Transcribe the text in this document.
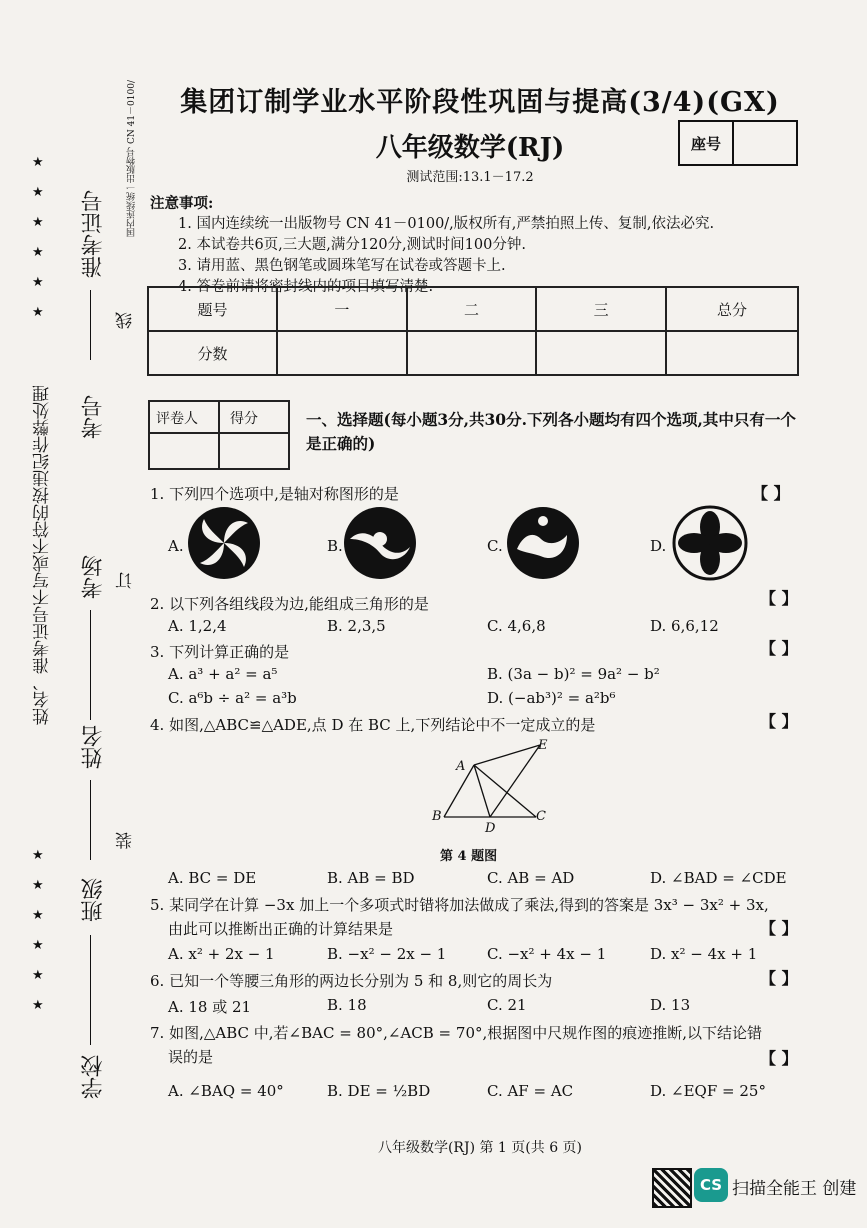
姓名、准考证号不写或不符的按违纪作弊处理
国内连续统一出版物号 CN 41－0100/
准考证号
考号
考场
姓名
班级
学校
线
订
装
★
★
★
★
★
★
★
★
★
★
★
★
集团订制学业水平阶段性巩固与提高(3/4)(GX)
八年级数学(RJ)
测试范围:13.1－17.2
座号
注意事项:
1. 国内连续统一出版物号 CN 41－0100/,版权所有,严禁拍照上传、复制,依法必究.
2. 本试卷共6页,三大题,满分120分,测试时间100分钟.
3. 请用蓝、黑色钢笔或圆珠笔写在试卷或答题卡上.
4. 答卷前请将密封线内的项目填写清楚.
题号	一	二	三	总分
分数				
评卷人 得分	一、选择题(每小题3分,共30分.下列各小题均有四个选项,其中只有一个是正确的)
1. 下列四个选项中,是轴对称图形的是	【 】
A.	B.	C.	D.
2. 以下列各组线段为边,能组成三角形的是	【 】
A. 1,2,4	B. 2,3,5	C. 4,6,8	D. 6,6,12
3. 下列计算正确的是	【 】
A. a³ + a² = a⁵	B. (3a − b)² = 9a² − b²
C. a⁶b ÷ a² = a³b	D. (−ab³)² = a²b⁶
4. 如图,△ABC≌△ADE,点 D 在 BC 上,下列结论中不一定成立的是	【 】
A
B	C
D
E
第 4 题图
A. BC = DE	B. AB = BD	C. AB = AD	D. ∠BAD = ∠CDE
5. 某同学在计算 −3x 加上一个多项式时错将加法做成了乘法,得到的答案是 3x³ − 3x² + 3x,
由此可以推断出正确的计算结果是	【 】
A. x² + 2x − 1	B. −x² − 2x − 1	C. −x² + 4x − 1	D. x² − 4x + 1
6. 已知一个等腰三角形的两边长分别为 5 和 8,则它的周长为	【 】
A. 18 或 21	B. 18	C. 21	D. 13
7. 如图,△ABC 中,若∠BAC = 80°,∠ACB = 70°,根据图中尺规作图的痕迹推断,以下结论错
误的是	【 】
A. ∠BAQ = 40°	B. DE = ½BD	C. AF = AC	D. ∠EQF = 25°
八年级数学(RJ) 第 1 页(共 6 页)
CS 扫描全能王 创建
